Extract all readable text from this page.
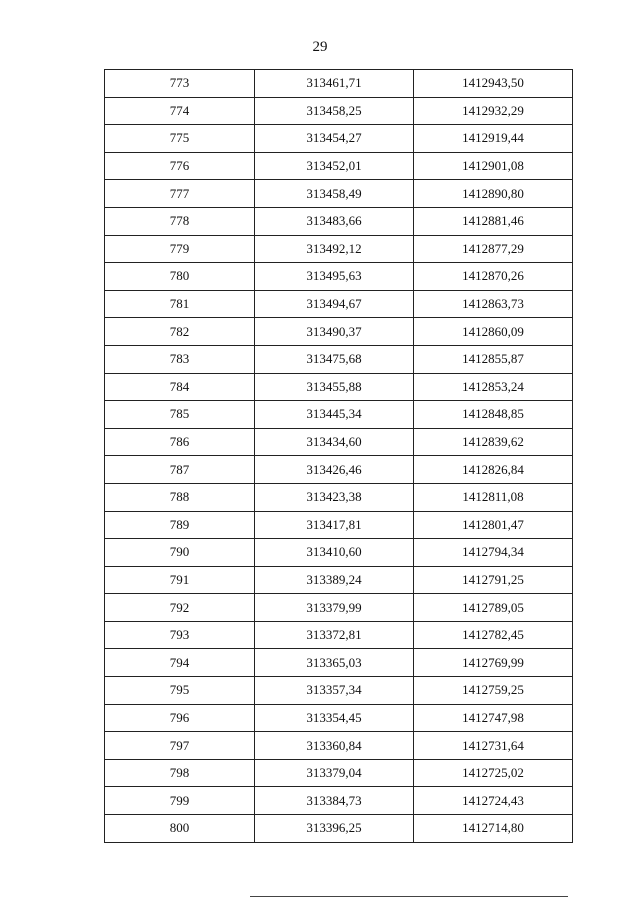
29
773	313461,71	1412943,50
774	313458,25	1412932,29
775	313454,27	1412919,44
776	313452,01	1412901,08
777	313458,49	1412890,80
778	313483,66	1412881,46
779	313492,12	1412877,29
780	313495,63	1412870,26
781	313494,67	1412863,73
782	313490,37	1412860,09
783	313475,68	1412855,87
784	313455,88	1412853,24
785	313445,34	1412848,85
786	313434,60	1412839,62
787	313426,46	1412826,84
788	313423,38	1412811,08
789	313417,81	1412801,47
790	313410,60	1412794,34
791	313389,24	1412791,25
792	313379,99	1412789,05
793	313372,81	1412782,45
794	313365,03	1412769,99
795	313357,34	1412759,25
796	313354,45	1412747,98
797	313360,84	1412731,64
798	313379,04	1412725,02
799	313384,73	1412724,43
800	313396,25	1412714,80
